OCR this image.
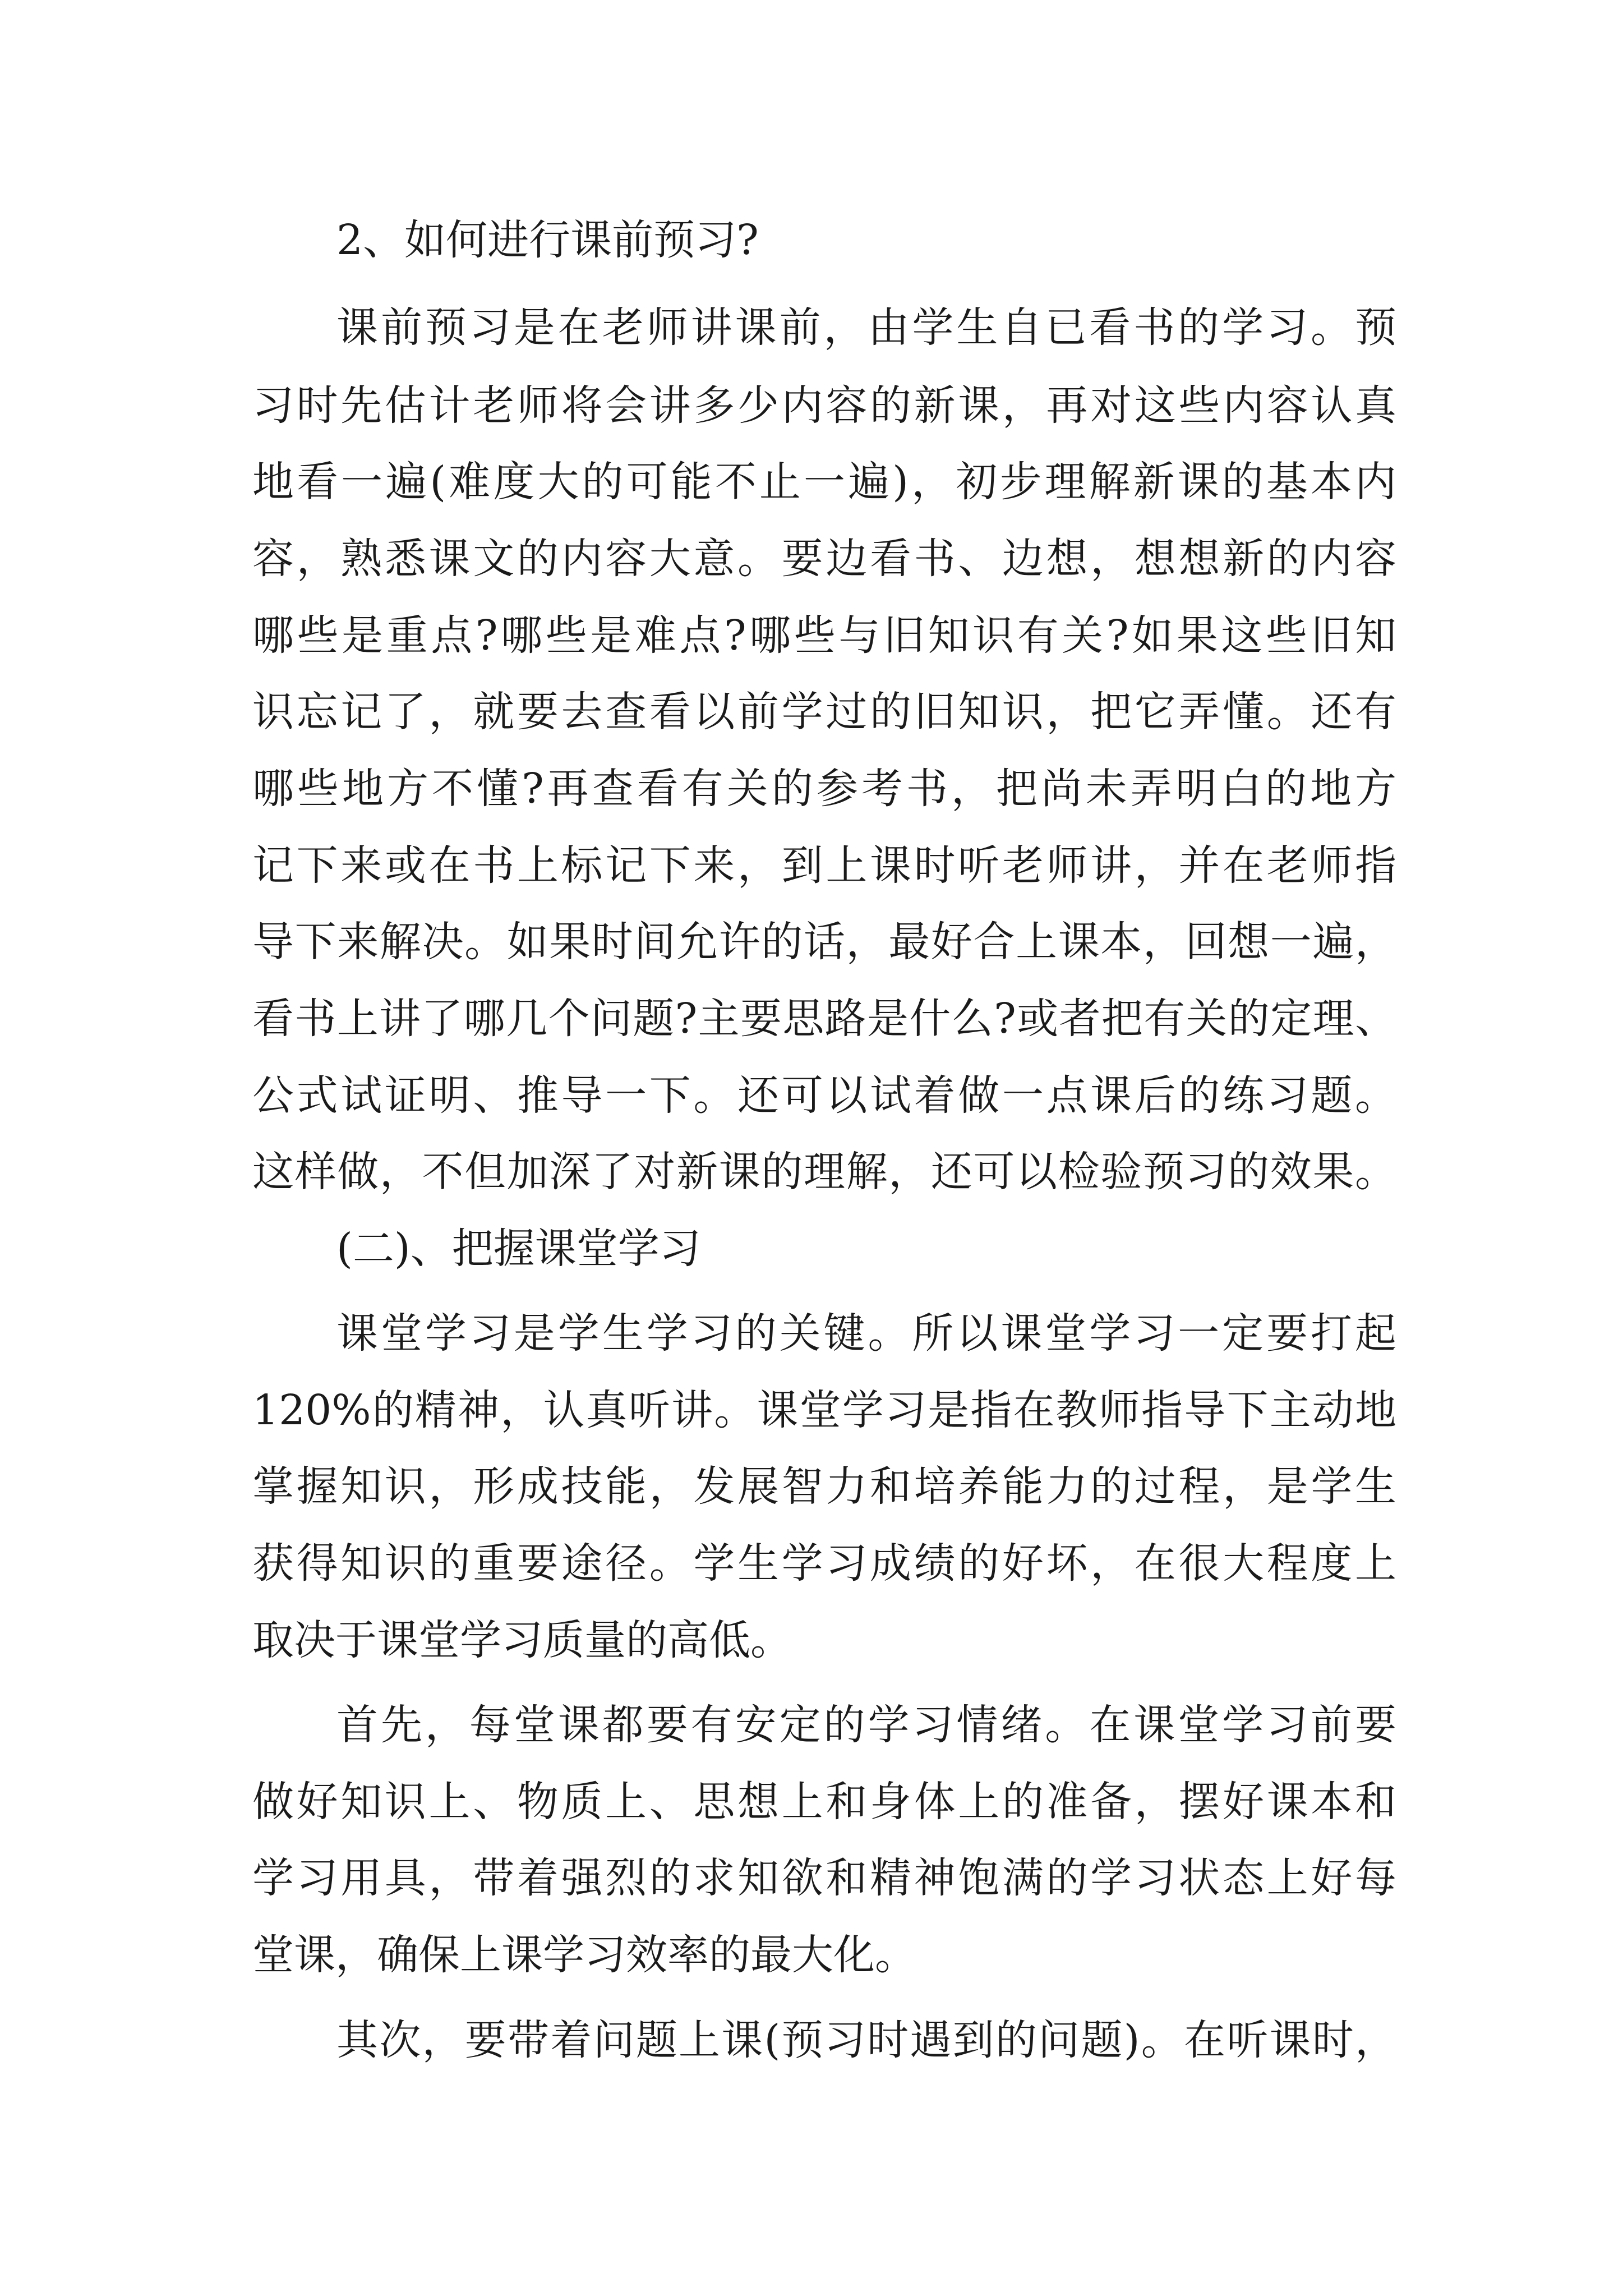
2、如何进行课前预习?
课前预习是在老师讲课前，由学生自已看书的学习。预
习时先估计老师将会讲多少内容的新课，再对这些内容认真
地看一遍(难度大的可能不止一遍)，初步理解新课的基本内
容，熟悉课文的内容大意。要边看书、边想，想想新的内容
哪些是重点?哪些是难点?哪些与旧知识有关?如果这些旧知
识忘记了，就要去查看以前学过的旧知识，把它弄懂。还有
哪些地方不懂?再查看有关的参考书，把尚未弄明白的地方
记下来或在书上标记下来，到上课时听老师讲，并在老师指
导下来解决。如果时间允许的话，最好合上课本，回想一遍，
看书上讲了哪几个问题?主要思路是什么?或者把有关的定理、
公式试证明、推导一下。还可以试着做一点课后的练习题。
这样做，不但加深了对新课的理解，还可以检验预习的效果。
(二)、把握课堂学习
课堂学习是学生学习的关键。所以课堂学习一定要打起
120%的精神，认真听讲。课堂学习是指在教师指导下主动地
掌握知识，形成技能，发展智力和培养能力的过程，是学生
获得知识的重要途径。学生学习成绩的好坏，在很大程度上
取决于课堂学习质量的高低。
首先，每堂课都要有安定的学习情绪。在课堂学习前要
做好知识上、物质上、思想上和身体上的准备，摆好课本和
学习用具，带着强烈的求知欲和精神饱满的学习状态上好每
堂课，确保上课学习效率的最大化。
其次，要带着问题上课(预习时遇到的问题)。在听课时，
